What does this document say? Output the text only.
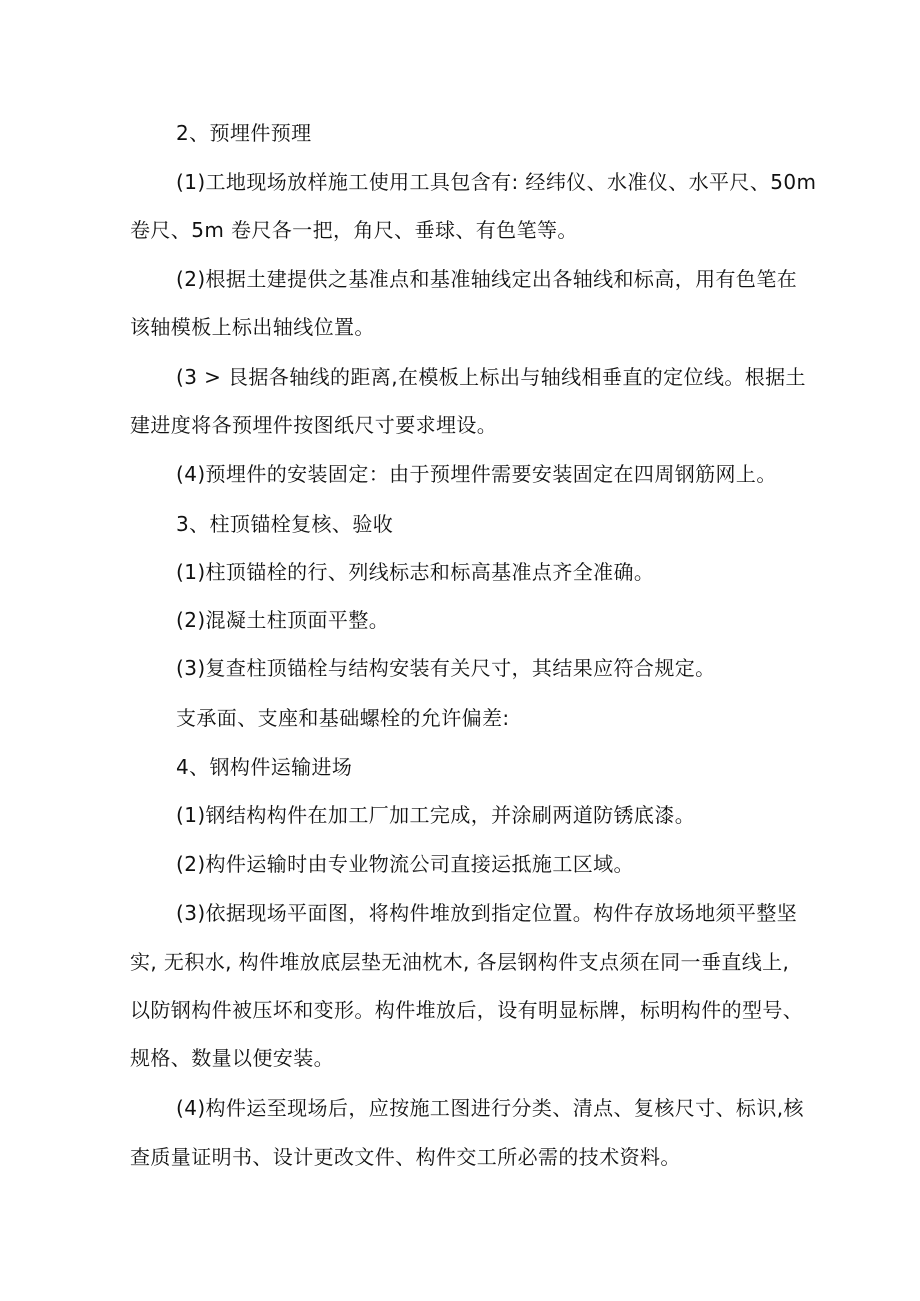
2、预埋件预理
(1)工地现场放样施工使用工具包含有: 经纬仪、水准仪、水平尺、50m
卷尺、5m 卷尺各一把，角尺、垂球、有色笔等。
(2)根据土建提供之基准点和基准轴线定出各轴线和标高，用有色笔在
该轴模板上标出轴线位置。
(3 > 艮据各轴线的距离,在模板上标出与轴线相垂直的定位线。根据土
建进度将各预埋件按图纸尺寸要求埋设。
(4)预埋件的安装固定：由于预埋件需要安装固定在四周钢筋网上。
3、柱顶锚栓复核、验收
(1)柱顶锚栓的行、列线标志和标高基准点齐全准确。
(2)混凝土柱顶面平整。
(3)复查柱顶锚栓与结构安装有关尺寸，其结果应符合规定。
支承面、支座和基础螺栓的允许偏差:
4、钢构件运输进场
(1)钢结构构件在加工厂加工完成，并涂刷两道防锈底漆。
(2)构件运输时由专业物流公司直接运抵施工区域。
(3)依据现场平面图，将构件堆放到指定位置。构件存放场地须平整坚
实, 无积水, 构件堆放底层垫无油枕木, 各层钢构件支点须在同一垂直线上,
以防钢构件被压坏和变形。构件堆放后，设有明显标牌，标明构件的型号、
规格、数量以便安装。
(4)构件运至现场后，应按施工图进行分类、清点、复核尺寸、标识,核
查质量证明书、设计更改文件、构件交工所必需的技术资料。
